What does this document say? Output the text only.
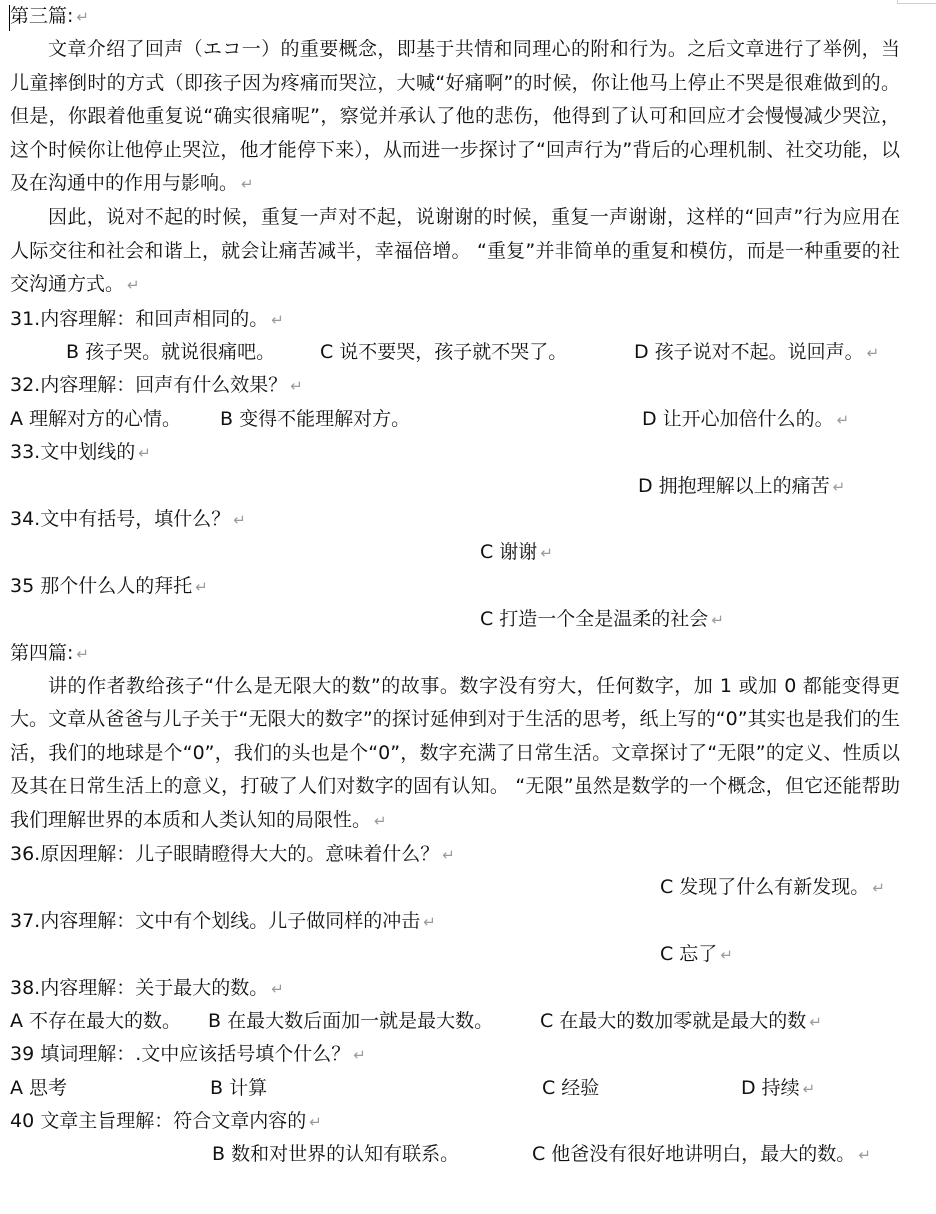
第三篇: ↵

文章介绍了回声（エコ一）的重要概念，即基于共情和同理心的附和行为。之后文章进行了举例，当儿童摔倒时的方式（即孩子因为疼痛而哭泣，大喊“好痛啊”的时候，你让他马上停止不哭是很难做到的。但是，你跟着他重复说“确实很痛呢”，察觉并承认了他的悲伤，他得到了认可和回应才会慢慢减少哭泣，这个时候你让他停止哭泣，他才能停下来），从而进一步探讨了“回声行为”背后的心理机制、社交功能，以及在沟通中的作用与影响。 ↵

因此，说对不起的时候，重复一声对不起，说谢谢的时候，重复一声谢谢，这样的“回声”行为应用在人际交往和社会和谐上，就会让痛苦减半，幸福倍增。 “重复”并非简单的重复和模仿，而是一种重要的社交沟通方式。 ↵

31.内容理解：和回声相同的。 ↵
B 孩子哭。就说很痛吧。 C 说不要哭，孩子就不哭了。	D 孩子说对不起。说回声。 ↵
32.内容理解：回声有什么效果？ ↵
A 理解对方的心情。 B 变得不能理解对方。	D 让开心加倍什么的。 ↵
33.文中划线的 ↵
D 拥抱理解以上的痛苦 ↵
34.文中有括号，填什么？ ↵
C 谢谢 ↵
35 那个什么人的拜托 ↵
C 打造一个全是温柔的社会 ↵
第四篇: ↵

讲的作者教给孩子“什么是无限大的数”的故事。数字没有穷大，任何数字，加 1 或加 0 都能变得更大。文章从爸爸与儿子关于“无限大的数字”的探讨延伸到对于生活的思考，纸上写的“0”其实也是我们的生活，我们的地球是个“0”，我们的头也是个“0”，数字充满了日常生活。文章探讨了“无限”的定义、性质以及其在日常生活上的意义，打破了人们对数字的固有认知。 “无限”虽然是数学的一个概念，但它还能帮助我们理解世界的本质和人类认知的局限性。 ↵

36.原因理解：儿子眼睛瞪得大大的。意味着什么？ ↵
C 发现了什么有新发现。 ↵
37.内容理解：文中有个划线。儿子做同样的冲击 ↵
C 忘了 ↵
38.内容理解：关于最大的数。 ↵
A 不存在最大的数。 B 在最大数后面加一就是最大数。 C 在最大的数加零就是最大的数 ↵
39 填词理解：.文中应该括号填个什么？ ↵
A 思考	B 计算	C 经验	D 持续 ↵
40 文章主旨理解：符合文章内容的 ↵
B 数和对世界的认知有联系。	C 他爸没有很好地讲明白，最大的数。 ↵
